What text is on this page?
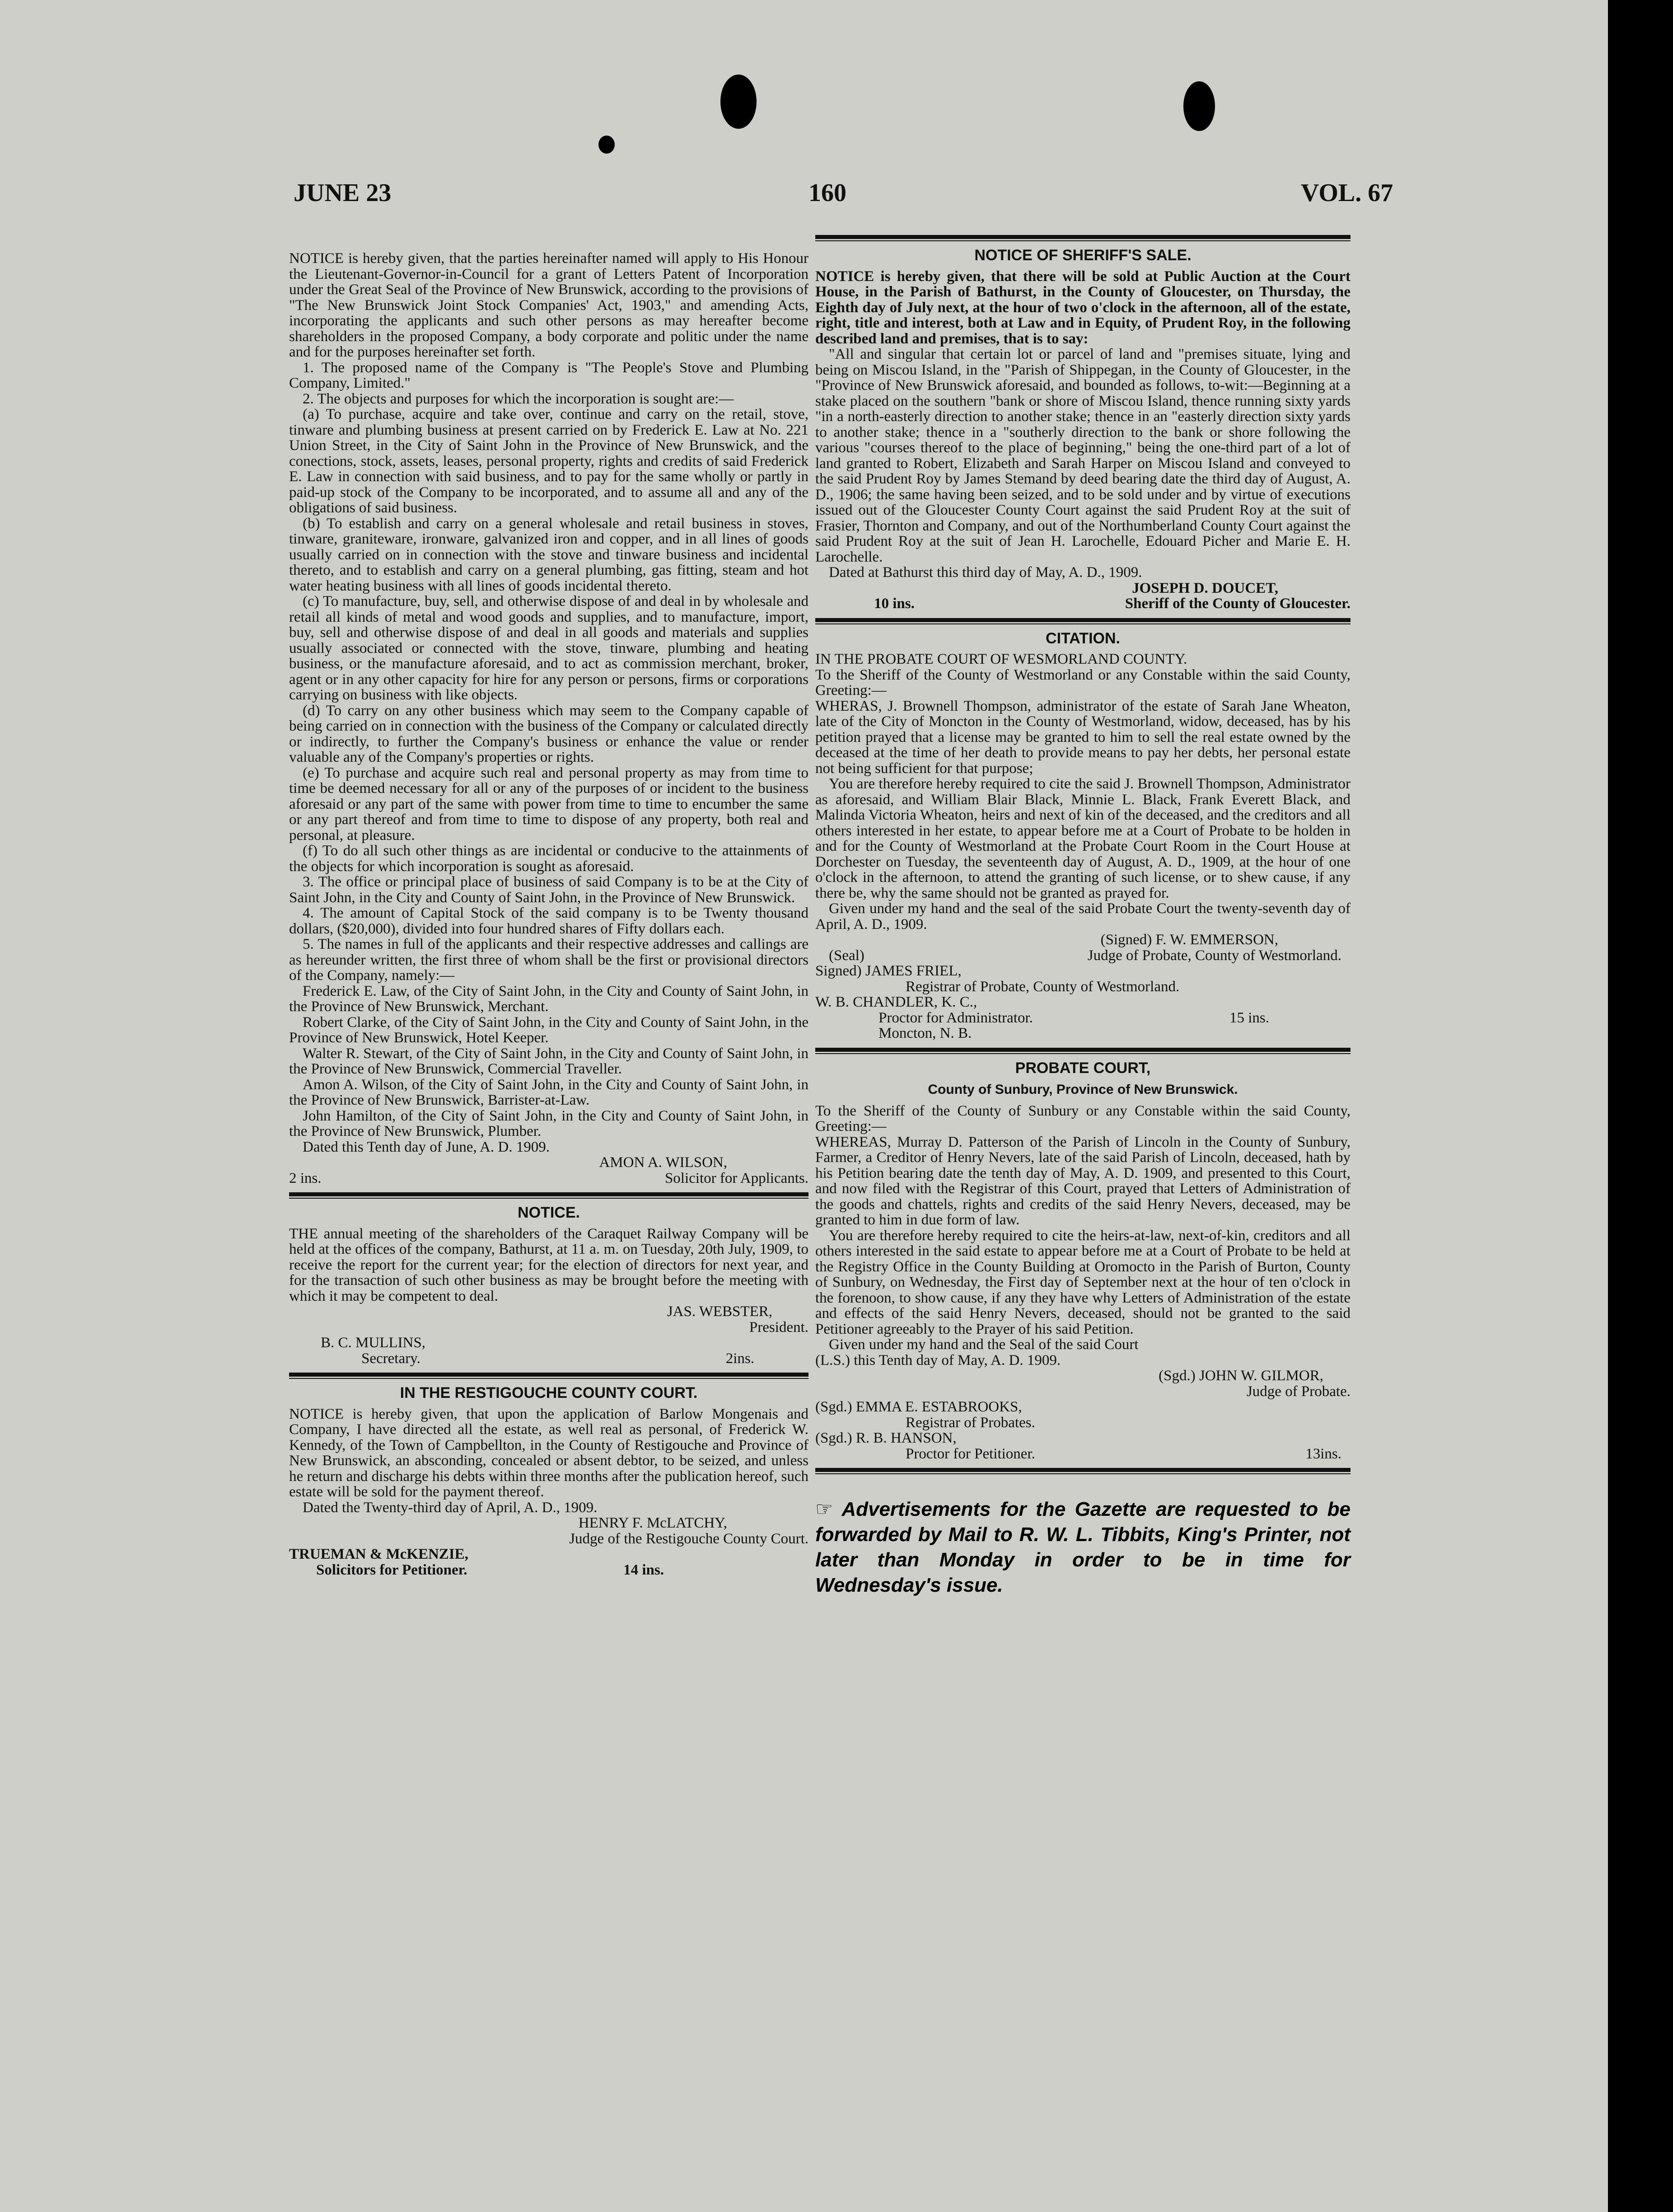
JUNE 23	160	VOL. 67

NOTICE is hereby given, that the parties hereinafter named will apply to His Honour the Lieutenant-Governor-in-Council for a grant of Letters Patent of Incorporation under the Great Seal of the Province of New Brunswick, according to the provisions of "The New Brunswick Joint Stock Companies' Act, 1903," and amending Acts, incorporating the applicants and such other persons as may hereafter become shareholders in the proposed Company, a body corporate and politic under the name and for the purposes hereinafter set forth.

1. The proposed name of the Company is "The People's Stove and Plumbing Company, Limited."

2. The objects and purposes for which the incorporation is sought are:—

(a) To purchase, acquire and take over, continue and carry on the retail, stove, tinware and plumbing business at present carried on by Frederick E. Law at No. 221 Union Street, in the City of Saint John in the Province of New Brunswick, and the conections, stock, assets, leases, personal property, rights and credits of said Frederick E. Law in connection with said business, and to pay for the same wholly or partly in paid-up stock of the Company to be incorporated, and to assume all and any of the obligations of said business.

(b) To establish and carry on a general wholesale and retail business in stoves, tinware, graniteware, ironware, galvanized iron and copper, and in all lines of goods usually carried on in connection with the stove and tinware business and incidental thereto, and to establish and carry on a general plumbing, gas fitting, steam and hot water heating business with all lines of goods incidental thereto.

(c) To manufacture, buy, sell, and otherwise dispose of and deal in by wholesale and retail all kinds of metal and wood goods and supplies, and to manufacture, import, buy, sell and otherwise dispose of and deal in all goods and materials and supplies usually associated or connected with the stove, tinware, plumbing and heating business, or the manufacture aforesaid, and to act as commission merchant, broker, agent or in any other capacity for hire for any person or persons, firms or corporations carrying on business with like objects.

(d) To carry on any other business which may seem to the Company capable of being carried on in connection with the business of the Company or calculated directly or indirectly, to further the Company's business or enhance the value or render valuable any of the Company's properties or rights.

(e) To purchase and acquire such real and personal property as may from time to time be deemed necessary for all or any of the purposes of or incident to the business aforesaid or any part of the same with power from time to time to encumber the same or any part thereof and from time to time to dispose of any property, both real and personal, at pleasure.

(f) To do all such other things as are incidental or conducive to the attainments of the objects for which incorporation is sought as aforesaid.

3. The office or principal place of business of said Company is to be at the City of Saint John, in the City and County of Saint John, in the Province of New Brunswick.

4. The amount of Capital Stock of the said company is to be Twenty thousand dollars, ($20,000), divided into four hundred shares of Fifty dollars each.

5. The names in full of the applicants and their respective addresses and callings are as hereunder written, the first three of whom shall be the first or provisional directors of the Company, namely:—

Frederick E. Law, of the City of Saint John, in the City and County of Saint John, in the Province of New Brunswick, Merchant.

Robert Clarke, of the City of Saint John, in the City and County of Saint John, in the Province of New Brunswick, Hotel Keeper.

Walter R. Stewart, of the City of Saint John, in the City and County of Saint John, in the Province of New Brunswick, Commercial Traveller.

Amon A. Wilson, of the City of Saint John, in the City and County of Saint John, in the Province of New Brunswick, Barrister-at-Law.

John Hamilton, of the City of Saint John, in the City and County of Saint John, in the Province of New Brunswick, Plumber.

Dated this Tenth day of June, A. D. 1909.

AMON A. WILSON,
2 ins.	Solicitor for Applicants.
NOTICE.

THE annual meeting of the shareholders of the Caraquet Railway Company will be held at the offices of the company, Bathurst, at 11 a. m. on Tuesday, 20th July, 1909, to receive the report for the current year; for the election of directors for next year, and for the transaction of such other business as may be brought before the meeting with which it may be competent to deal.

JAS. WEBSTER,
President.
B. C. MULLINS,
Secretary.	2ins.
IN THE RESTIGOUCHE COUNTY COURT.

NOTICE is hereby given, that upon the application of Barlow Mongenais and Company, I have directed all the estate, as well real as personal, of Frederick W. Kennedy, of the Town of Campbellton, in the County of Restigouche and Province of New Brunswick, an absconding, concealed or absent debtor, to be seized, and unless he return and discharge his debts within three months after the publication hereof, such estate will be sold for the payment thereof.

Dated the Twenty-third day of April, A. D., 1909.

HENRY F. McLATCHY,
Judge of the Restigouche County Court.
TRUEMAN & McKENZIE,
Solicitors for Petitioner.	14 ins.
NOTICE OF SHERIFF'S SALE.

NOTICE is hereby given, that there will be sold at Public Auction at the Court House, in the Parish of Bathurst, in the County of Gloucester, on Thursday, the Eighth day of July next, at the hour of two o'clock in the afternoon, all of the estate, right, title and interest, both at Law and in Equity, of Prudent Roy, in the following described land and premises, that is to say:

"All and singular that certain lot or parcel of land and "premises situate, lying and being on Miscou Island, in the "Parish of Shippegan, in the County of Gloucester, in the "Province of New Brunswick aforesaid, and bounded as follows, to-wit:—Beginning at a stake placed on the southern "bank or shore of Miscou Island, thence running sixty yards "in a north-easterly direction to another stake; thence in an "easterly direction sixty yards to another stake; thence in a "southerly direction to the bank or shore following the various "courses thereof to the place of beginning," being the one-third part of a lot of land granted to Robert, Elizabeth and Sarah Harper on Miscou Island and conveyed to the said Prudent Roy by James Stemand by deed bearing date the third day of August, A. D., 1906; the same having been seized, and to be sold under and by virtue of executions issued out of the Gloucester County Court against the said Prudent Roy at the suit of Frasier, Thornton and Company, and out of the Northumberland County Court against the said Prudent Roy at the suit of Jean H. Larochelle, Edouard Picher and Marie E. H. Larochelle.

Dated at Bathurst this third day of May, A. D., 1909.

JOSEPH D. DOUCET,
10 ins.	Sheriff of the County of Gloucester.
CITATION.
IN THE PROBATE COURT OF WESMORLAND COUNTY.

To the Sheriff of the County of Westmorland or any Constable within the said County, Greeting:—

WHERAS, J. Brownell Thompson, administrator of the estate of Sarah Jane Wheaton, late of the City of Moncton in the County of Westmorland, widow, deceased, has by his petition prayed that a license may be granted to him to sell the real estate owned by the deceased at the time of her death to provide means to pay her debts, her personal estate not being sufficient for that purpose;

You are therefore hereby required to cite the said J. Brownell Thompson, Administrator as aforesaid, and William Blair Black, Minnie L. Black, Frank Everett Black, and Malinda Victoria Wheaton, heirs and next of kin of the deceased, and the creditors and all others interested in her estate, to appear before me at a Court of Probate to be holden in and for the County of Westmorland at the Probate Court Room in the Court House at Dorchester on Tuesday, the seventeenth day of August, A. D., 1909, at the hour of one o'clock in the afternoon, to attend the granting of such license, or to shew cause, if any there be, why the same should not be granted as prayed for.

Given under my hand and the seal of the said Probate Court the twenty-seventh day of April, A. D., 1909.

(Signed) F. W. EMMERSON,
(Seal)	Judge of Probate, County of Westmorland.
Signed) JAMES FRIEL,
Registrar of Probate, County of Westmorland.
W. B. CHANDLER, K. C.,
Proctor for Administrator.	15 ins.
Moncton, N. B.
PROBATE COURT,
County of Sunbury, Province of New Brunswick.

To the Sheriff of the County of Sunbury or any Constable within the said County, Greeting:—

WHEREAS, Murray D. Patterson of the Parish of Lincoln in the County of Sunbury, Farmer, a Creditor of Henry Nevers, late of the said Parish of Lincoln, deceased, hath by his Petition bearing date the tenth day of May, A. D. 1909, and presented to this Court, and now filed with the Registrar of this Court, prayed that Letters of Administration of the goods and chattels, rights and credits of the said Henry Nevers, deceased, may be granted to him in due form of law.

You are therefore hereby required to cite the heirs-at-law, next-of-kin, creditors and all others interested in the said estate to appear before me at a Court of Probate to be held at the Registry Office in the County Building at Oromocto in the Parish of Burton, County of Sunbury, on Wednesday, the First day of September next at the hour of ten o'clock in the forenoon, to show cause, if any they have why Letters of Administration of the estate and effects of the said Henry Nevers, deceased, should not be granted to the said Petitioner agreeably to the Prayer of his said Petition.

Given under my hand and the Seal of the said Court

(L.S.) this Tenth day of May, A. D. 1909.
(Sgd.) JOHN W. GILMOR,
Judge of Probate.
(Sgd.) EMMA E. ESTABROOKS,
Registrar of Probates.
(Sgd.) R. B. HANSON,
Proctor for Petitioner.	13ins.
☞ Advertisements for the Gazette are requested to be forwarded by Mail to R. W. L. Tibbits, King's Printer, not later than Monday in order to be in time for Wednesday's issue.
